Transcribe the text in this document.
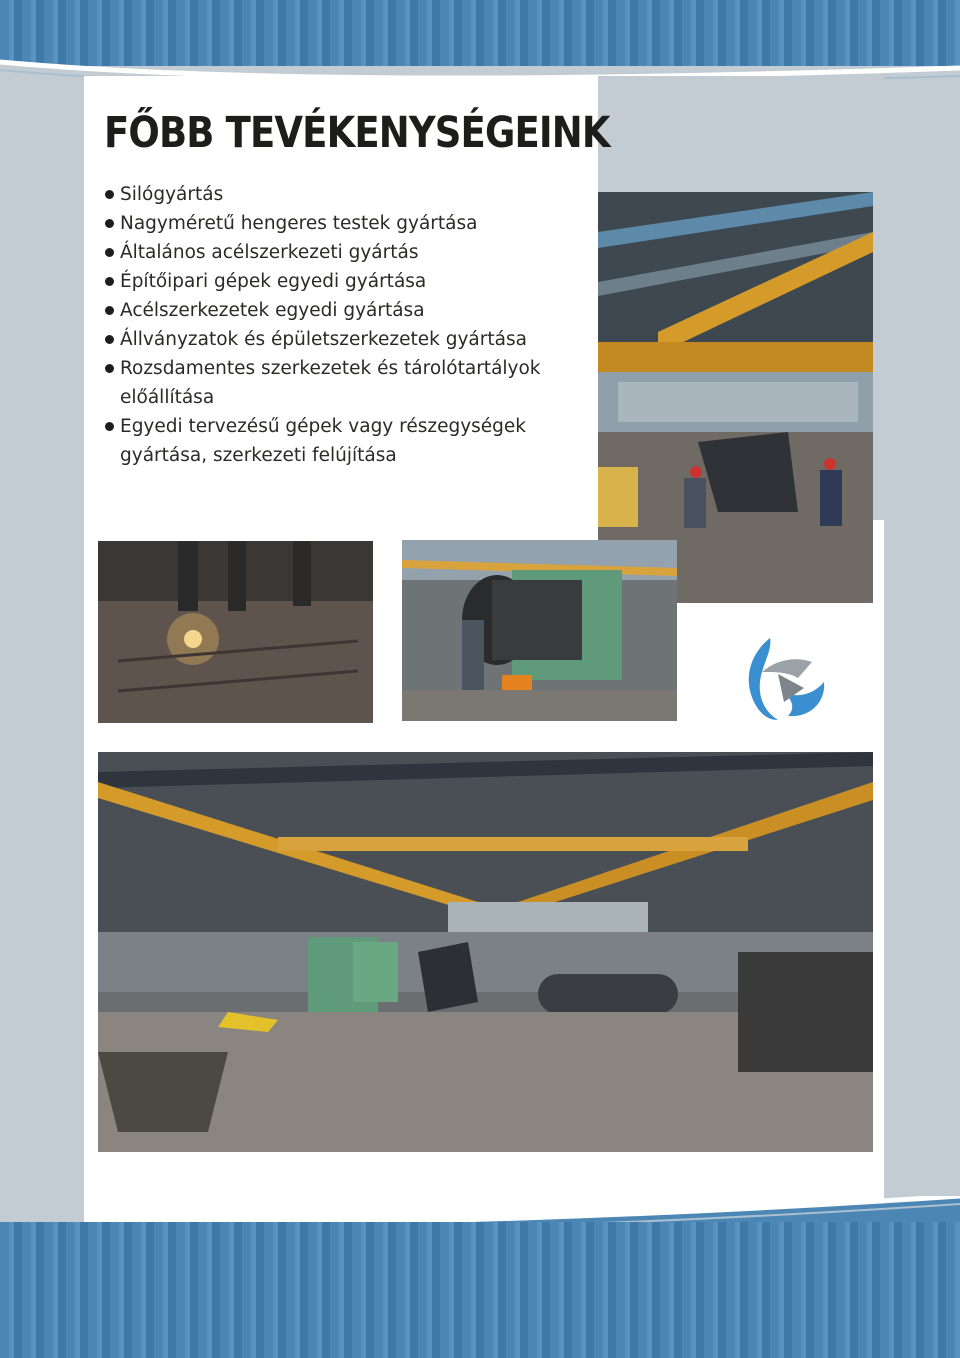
FŐBB TEVÉKENYSÉGEINK
Silógyártás
Nagyméretű hengeres testek gyártása
Általános acélszerkezeti gyártás
Építőipari gépek egyedi gyártása
Acélszerkezetek egyedi gyártása
Állványzatok és épületszerkezetek gyártása
Rozsdamentes szerkezetek és tárolótartályok előállítása
Egyedi tervezésű gépek vagy részegységek gyártása, szerkezeti felújítása
